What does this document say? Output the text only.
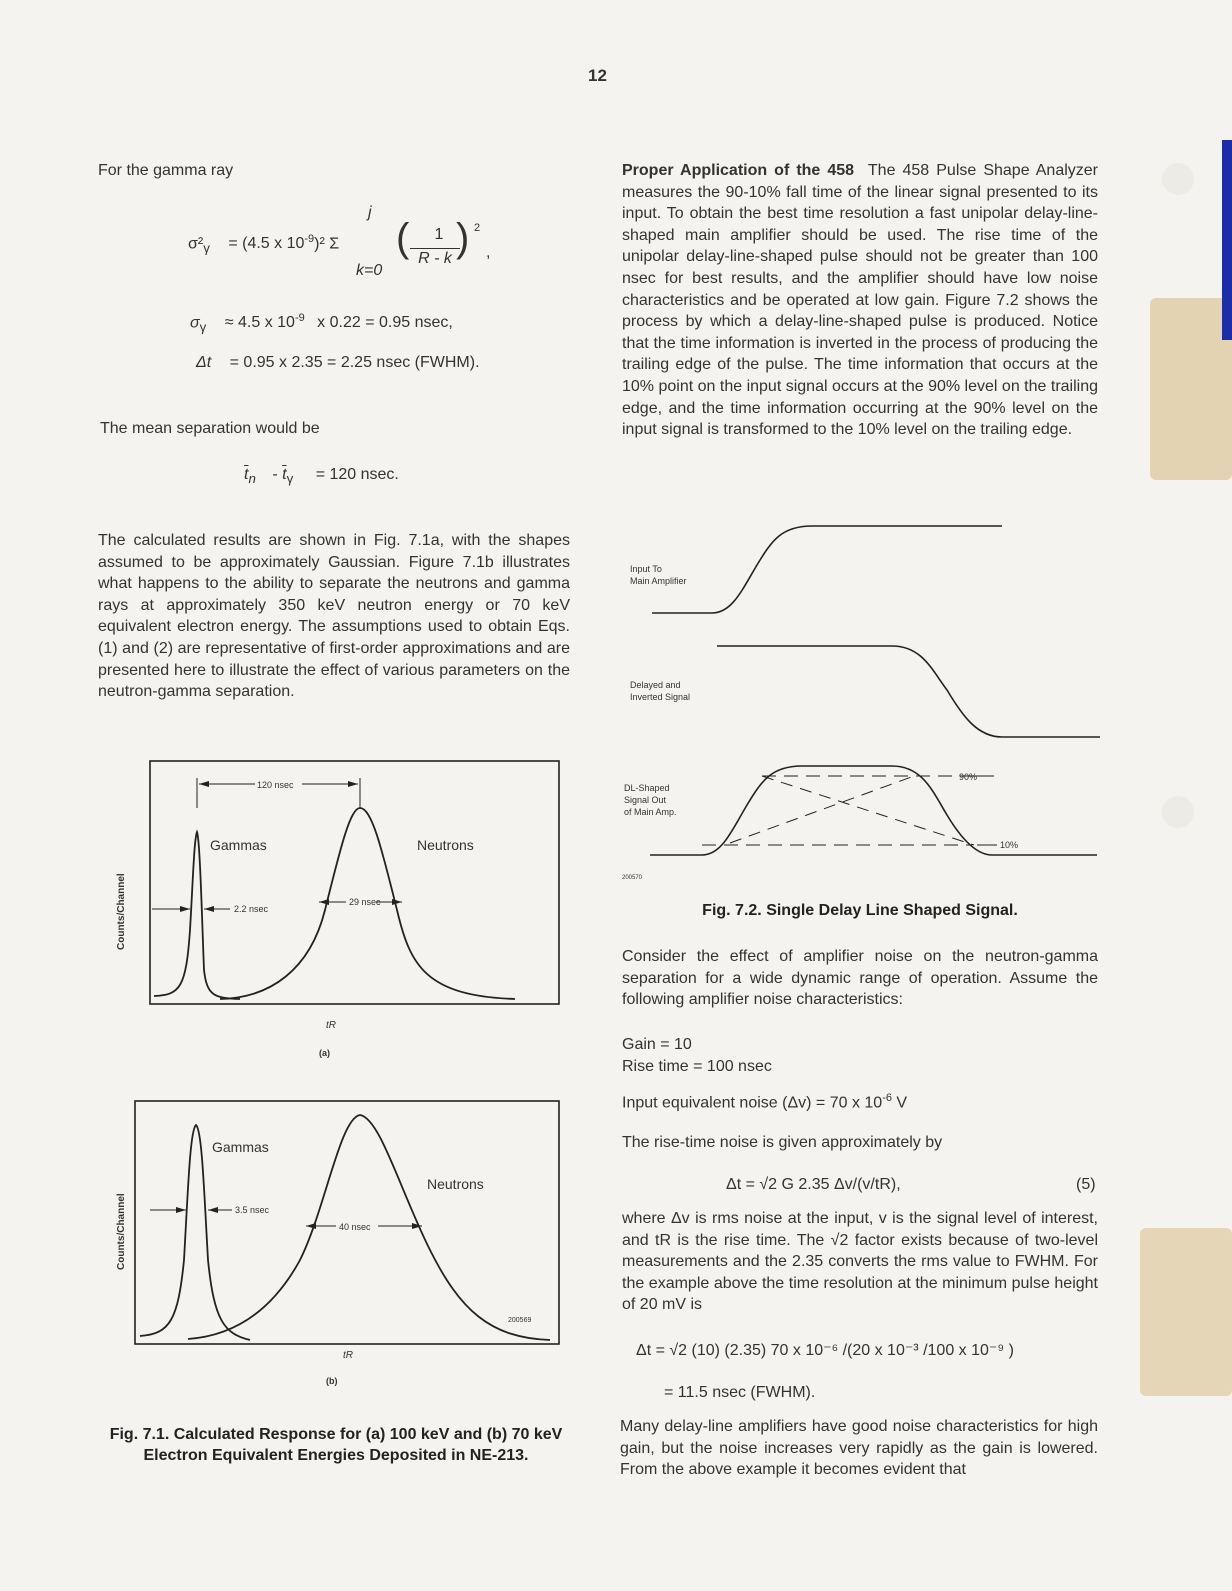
12
For the gamma ray
$\sigma^2_\gamma = (4.5$ x $10^{-9})^2$ Σ
j
k=0
(	1
R - k ) 2
,
$\sigma_\gamma \approx 4.5$ x $10^{-9}$ x 0.22 = 0.95 nsec,
Δt = 0.95 x 2.35 = 2.25 nsec (FWHM).
The mean separation would be
$\overline{t}_n - \overline{t}_\gamma = 120$ nsec.
The calculated results are shown in Fig. 7.1a, with the shapes assumed to be approximately Gaussian. Figure 7.1b illustrates what happens to the ability to separate the neutrons and gamma rays at approximately 350 keV neutron energy or 70 keV equivalent electron energy. The assumptions used to obtain Eqs. (1) and (2) are representative of first-order approximations and are presented here to illustrate the effect of various parameters on the neutron-gamma separation.
Counts/Channel
120 nsec
Gammas	Neutrons
2.2 nsec
29 nsec
tR
(a)
Counts/Channel
Gammas
Neutrons
3.5 nsec
40 nsec
200569
tR
(b)
Fig. 7.1. Calculated Response for (a) 100 keV and (b) 70 keV Electron Equivalent Energies Deposited in NE-213.
Proper Application of the 458 The 458 Pulse Shape Analyzer measures the 90-10% fall time of the linear signal presented to its input. To obtain the best time resolution a fast unipolar delay-line-shaped main amplifier should be used. The rise time of the unipolar delay-line-shaped pulse should not be greater than 100 nsec for best results, and the amplifier should have low noise characteristics and be operated at low gain. Figure 7.2 shows the process by which a delay-line-shaped pulse is produced. Notice that the time information is inverted in the process of producing the trailing edge of the pulse. The time information that occurs at the 10% point on the input signal occurs at the 90% level on the trailing edge, and the time information occurring at the 90% level on the input signal is transformed to the 10% level on the trailing edge.
Input To
Main Amplifier
Delayed and
Inverted Signal
DL-Shaped
Signal Out
of Main Amp.
90%
10%
200570
Fig. 7.2. Single Delay Line Shaped Signal.
Consider the effect of amplifier noise on the neutron-gamma separation for a wide dynamic range of operation. Assume the following amplifier noise characteristics:
Gain = 10
Rise time = 100 nsec
Input equivalent noise (Δv) = 70 x $10^{-6}$ V
The rise-time noise is given approximately by
Δt = √2 G 2.35 Δv/(v/tR),	(5)
where Δv is rms noise at the input, v is the signal level of interest, and tR is the rise time. The √2 factor exists because of two-level measurements and the 2.35 converts the rms value to FWHM. For the example above the time resolution at the minimum pulse height of 20 mV is
Δt = √2 (10) (2.35) 70 x 10⁻⁶ /(20 x 10⁻³ /100 x 10⁻⁹ )
= 11.5 nsec (FWHM).
Many delay-line amplifiers have good noise characteristics for high gain, but the noise increases very rapidly as the gain is lowered. From the above example it becomes evident that
